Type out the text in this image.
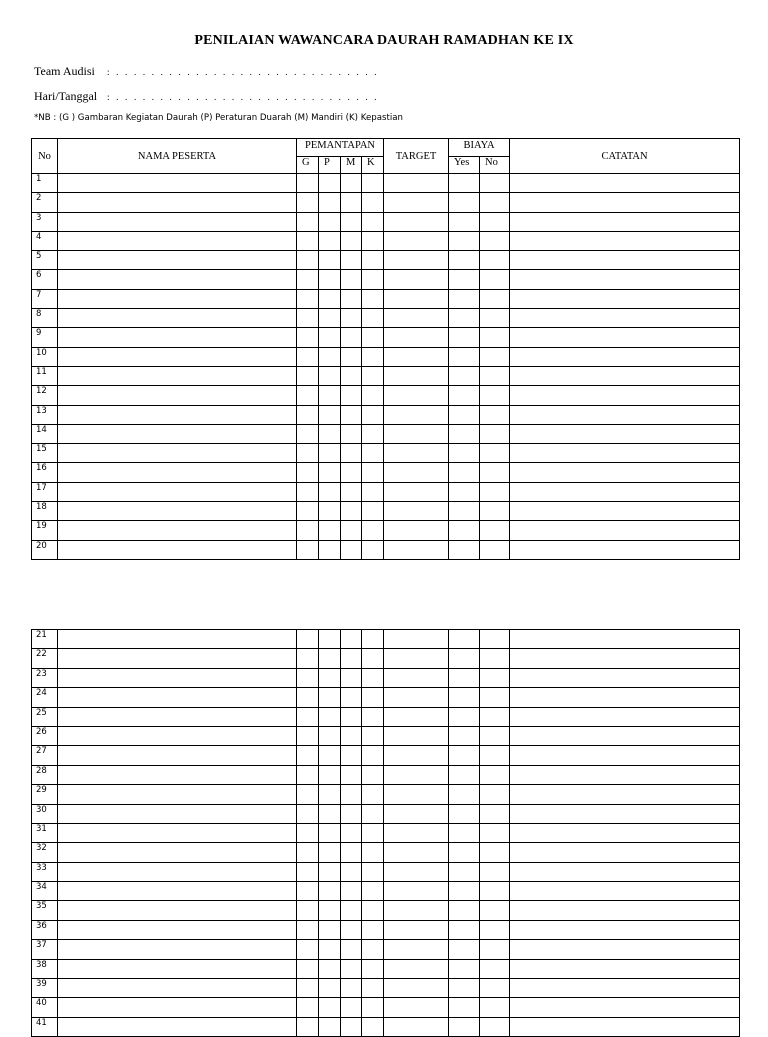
PENILAIAN WAWANCARA DAURAH RAMADHAN KE IX
Team Audisi : . . . . . . . . . . . . . . . . . . . . . . . . . . . . . .
Hari/Tanggal : . . . . . . . . . . . . . . . . . . . . . . . . . . . . . .
*NB : (G ) Gambaran Kegiatan Daurah (P) Peraturan Duarah (M) Mandiri (K) Kepastian
No	NAMA PESERTA	PEMANTAPAN				TARGET	BIAYA		CATATAN
		G	P	M	K		Yes	No	
1									
2									
3									
4									
5									
6									
7									
8									
9									
10									
11									
12									
13									
14									
15									
16									
17									
18									
19									
20									
21									
22									
23									
24									
25									
26									
27									
28									
29									
30									
31									
32									
33									
34									
35									
36									
37									
38									
39									
40									
41									
